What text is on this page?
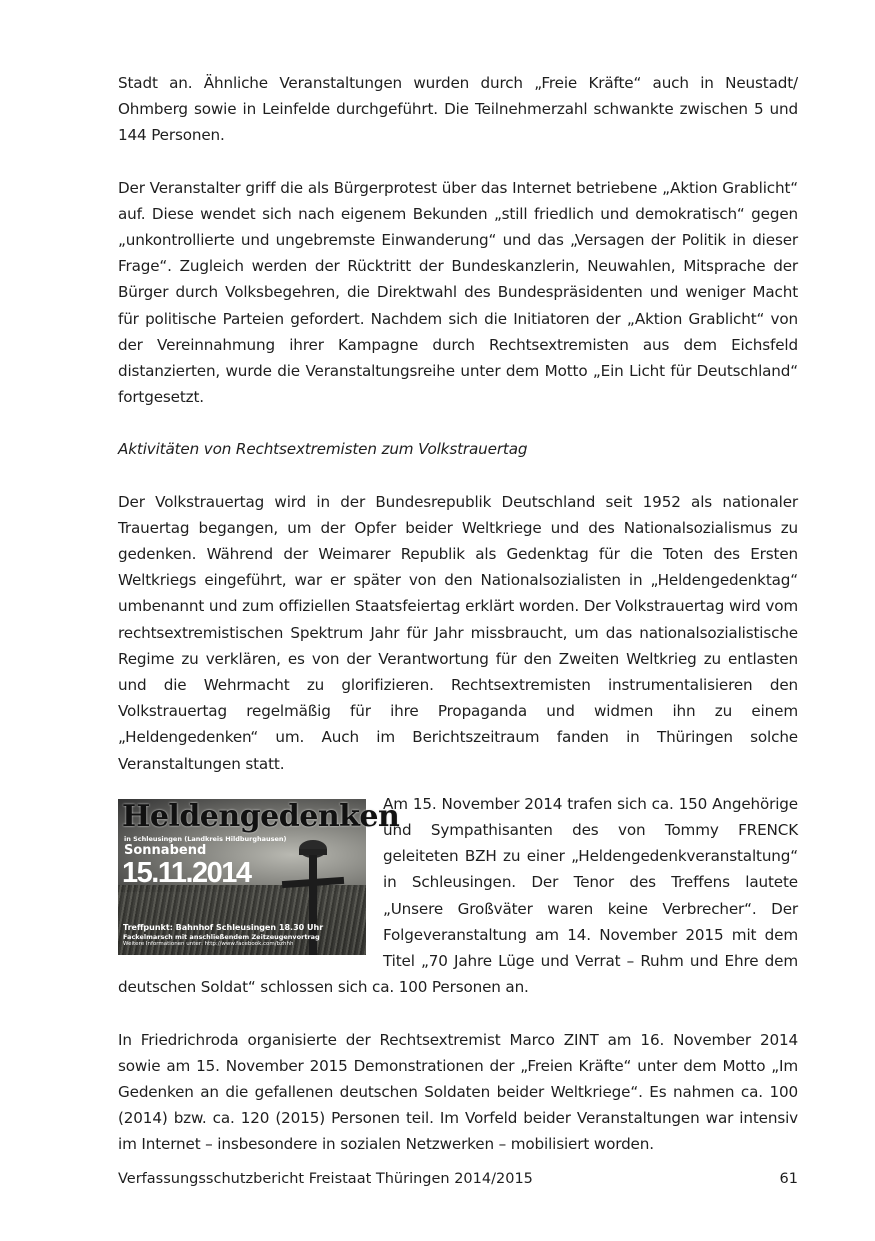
Stadt an. Ähnliche Veranstaltungen wurden durch „Freie Kräfte“ auch in Neustadt/ Ohmberg sowie in Leinfelde durchgeführt. Die Teilnehmerzahl schwankte zwischen 5 und 144 Personen.

Der Veranstalter griff die als Bürgerprotest über das Internet betriebene „Aktion Grablicht“ auf. Diese wendet sich nach eigenem Bekunden „still friedlich und demokratisch“ gegen „unkontrollierte und ungebremste Einwanderung“ und das „Versagen der Politik in dieser Frage“. Zugleich werden der Rücktritt der Bundeskanzlerin, Neuwahlen, Mitsprache der Bürger durch Volksbegehren, die Direktwahl des Bundespräsidenten und weniger Macht für politische Parteien gefordert. Nachdem sich die Initiatoren der „Aktion Grablicht“ von der Vereinnahmung ihrer Kampagne durch Rechtsextremisten aus dem Eichsfeld distanzierten, wurde die Veranstaltungsreihe unter dem Motto „Ein Licht für Deutschland“ fortgesetzt.

Aktivitäten von Rechtsextremisten zum Volkstrauertag

Der Volkstrauertag wird in der Bundesrepublik Deutschland seit 1952 als nationaler Trauertag begangen, um der Opfer beider Weltkriege und des Nationalsozialismus zu gedenken. Während der Weimarer Republik als Gedenktag für die Toten des Ersten Weltkriegs eingeführt, war er später von den Nationalsozialisten in „Heldengedenktag“ umbenannt und zum offiziellen Staatsfeiertag erklärt worden. Der Volkstrauertag wird vom rechtsextremistischen Spektrum Jahr für Jahr missbraucht, um das nationalsozialistische Regime zu verklären, es von der Verantwortung für den Zweiten Weltkrieg zu entlasten und die Wehrmacht zu glorifizieren. Rechtsextremisten instrumentalisieren den Volkstrauertag regelmäßig für ihre Propaganda und widmen ihn zu einem „Heldengedenken“ um. Auch im Berichtszeitraum fanden in Thüringen solche Veranstaltungen statt.

Heldengedenken
in Schleusingen (Landkreis Hildburghausen)
Sonnabend
15.11.2014
Treffpunkt: Bahnhof Schleusingen 18.30 Uhr
Fackelmarsch mit anschließendem Zeitzeugenvortrag
Weitere Informationen unter: http://www.facebook.com/bzhhh

Am 15. November 2014 trafen sich ca. 150 Angehörige und Sympathisanten des von Tommy FRENCK geleiteten BZH zu einer „Heldengedenkveranstaltung“ in Schleusingen. Der Tenor des Treffens lautete „Unsere Großväter waren keine Verbrecher“. Der Folgeveranstaltung am 14. November 2015 mit dem Titel „70 Jahre Lüge und Verrat – Ruhm und Ehre dem deutschen Soldat“ schlossen sich ca. 100 Personen an.

In Friedrichroda organisierte der Rechtsextremist Marco ZINT am 16. November 2014 sowie am 15. November 2015 Demonstrationen der „Freien Kräfte“ unter dem Motto „Im Gedenken an die gefallenen deutschen Soldaten beider Weltkriege“. Es nahmen ca. 100 (2014) bzw. ca. 120 (2015) Personen teil. Im Vorfeld beider Veranstaltungen war intensiv im Internet – insbesondere in sozialen Netzwerken – mobilisiert worden.

Verfassungsschutzbericht Freistaat Thüringen 2014/2015	61
